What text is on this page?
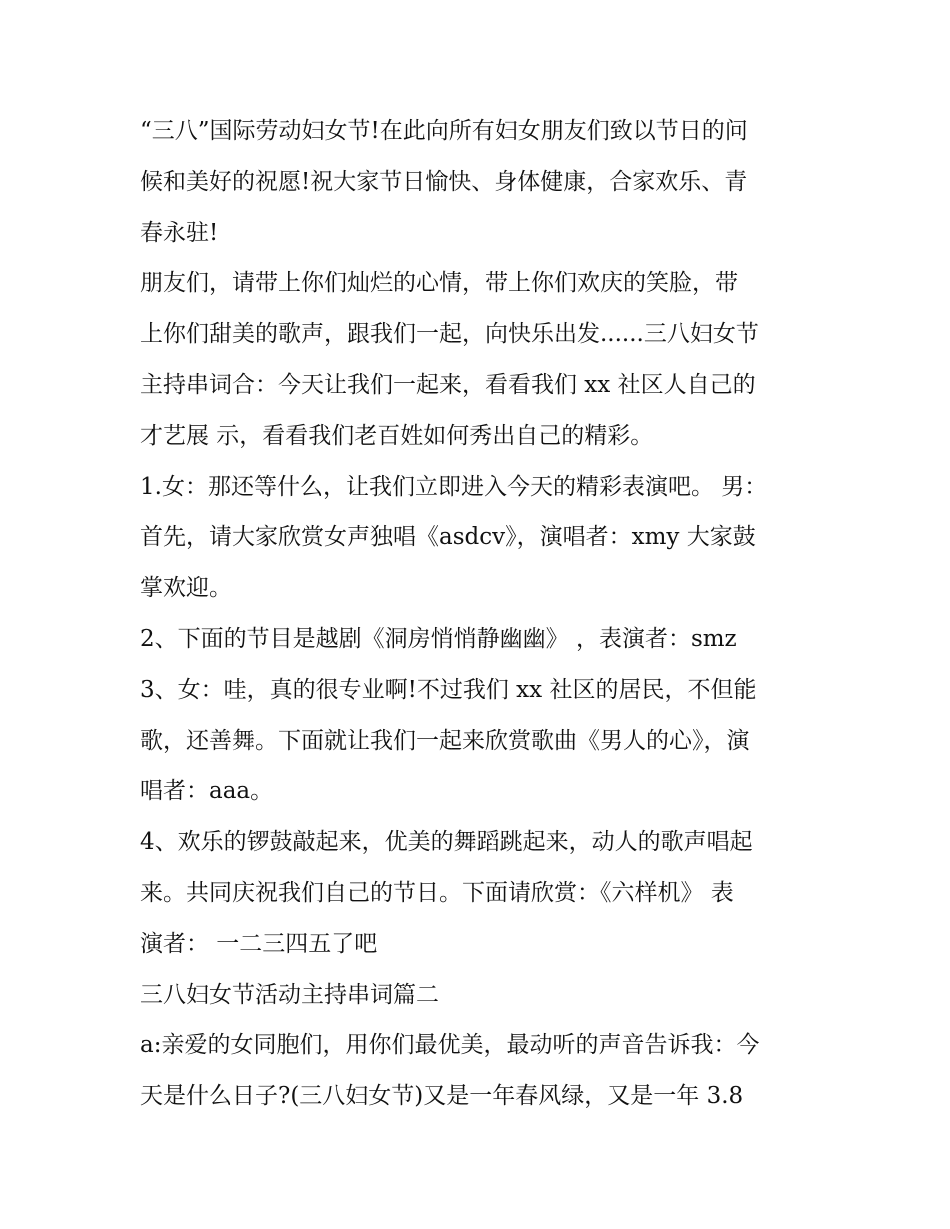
“三八”国际劳动妇女节!在此向所有妇女朋友们致以节日的问
候和美好的祝愿!祝大家节日愉快、身体健康，合家欢乐、青
春永驻!
朋友们，请带上你们灿烂的心情，带上你们欢庆的笑脸，带
上你们甜美的歌声，跟我们一起，向快乐出发......三八妇女节
主持串词合：今天让我们一起来，看看我们 xx 社区人自己的
才艺展 示，看看我们老百姓如何秀出自己的精彩。
1.女：那还等什么，让我们立即进入今天的精彩表演吧。 男：
首先，请大家欣赏女声独唱《asdcv》，演唱者：xmy 大家鼓
掌欢迎。
2、下面的节目是越剧《洞房悄悄静幽幽》 ，表演者：smz
3、女：哇，真的很专业啊!不过我们 xx 社区的居民，不但能
歌，还善舞。下面就让我们一起来欣赏歌曲《男人的心》，演
唱者：aaa。
4、欢乐的锣鼓敲起来，优美的舞蹈跳起来，动人的歌声唱起
来。共同庆祝我们自己的节日。下面请欣赏：《六样机》 表
演者： 一二三四五了吧
三八妇女节活动主持串词篇二
a:亲爱的女同胞们，用你们最优美，最动听的声音告诉我：今
天是什么日子?(三八妇女节)又是一年春风绿，又是一年 3.8
